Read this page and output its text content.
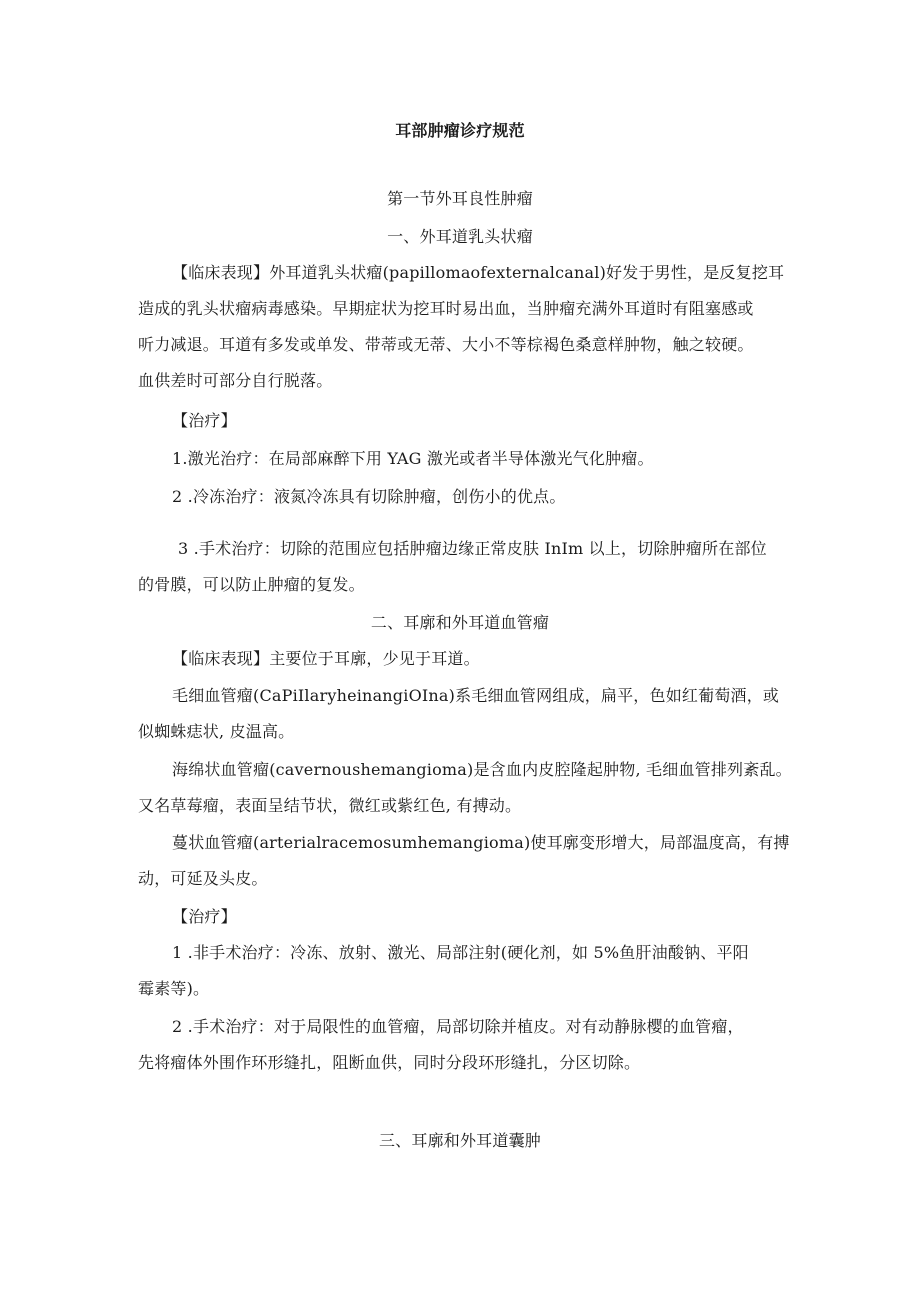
耳部肿瘤诊疗规范
第一节外耳良性肿瘤
一、外耳道乳头状瘤
【临床表现】外耳道乳头状瘤(papillomaofexternalcanal)好发于男性，是反复挖耳
造成的乳头状瘤病毒感染。早期症状为挖耳时易出血，当肿瘤充满外耳道时有阻塞感或
听力减退。耳道有多发或单发、带蒂或无蒂、大小不等棕褐色桑意样肿物，触之较硬。
血供差时可部分自行脱落。
【治疗】
1.激光治疗：在局部麻醉下用 YAG 激光或者半导体激光气化肿瘤。
2 .冷冻治疗：液氮冷冻具有切除肿瘤，创伤小的优点。
3 .手术治疗：切除的范围应包括肿瘤边缘正常皮肤 InIm 以上，切除肿瘤所在部位
的骨膜，可以防止肿瘤的复发。
二、耳廓和外耳道血管瘤
【临床表现】主要位于耳廓，少见于耳道。
毛细血管瘤(CaPiIlaryheinangiOIna)系毛细血管网组成，扁平，色如红葡萄酒，或
似蜘蛛痣状, 皮温高。
海绵状血管瘤(cavernoushemangioma)是含血内皮腔隆起肿物, 毛细血管排列紊乱。
又名草莓瘤，表面呈结节状，微红或紫红色, 有搏动。
蔓状血管瘤(arterialracemosumhemangioma)使耳廓变形增大，局部温度高，有搏
动，可延及头皮。
【治疗】
1 .非手术治疗：冷冻、放射、激光、局部注射(硬化剂，如 5%鱼肝油酸钠、平阳
霉素等)。
2 .手术治疗：对于局限性的血管瘤，局部切除并植皮。对有动静脉樱的血管瘤，
先将瘤体外围作环形缝扎，阻断血供，同时分段环形缝扎，分区切除。
三、耳廓和外耳道囊肿
